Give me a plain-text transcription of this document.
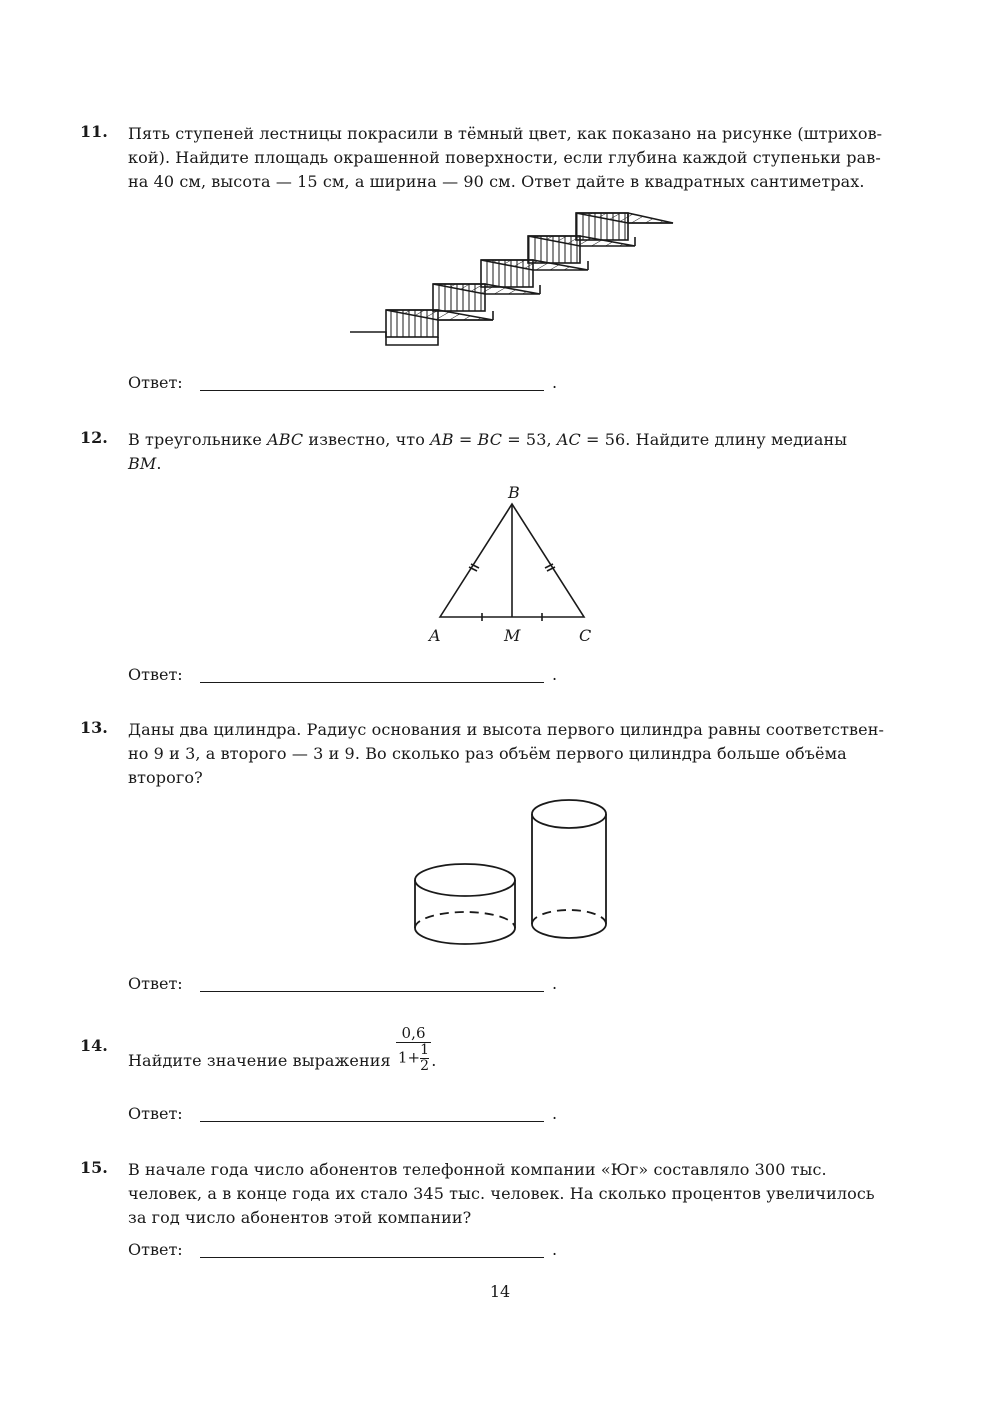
11. Пять ступеней лестницы покрасили в тёмный цвет, как показано на рисунке (штрихов-
кой). Найдите площадь окрашенной поверхности, если глубина каждой ступеньки рав-
на 40 см, высота — 15 см, а ширина — 90 см. Ответ дайте в квадратных сантиметрах.
Ответ:	.
12. В треугольнике ABC известно, что AB = BC = 53, AC = 56. Найдите длину медианы
BM.
B
A	M	C
Ответ:	.
13. Даны два цилиндра. Радиус основания и высота первого цилиндра равны соответствен-
но 9 и 3, а второго — 3 и 9. Во сколько раз объём первого цилиндра больше объёма
второго?
Ответ:	.
14.
Найдите значение выражения $\frac{0,6}{1+ \frac{1}{2}}$ .
Ответ:	.
15. В начале года число абонентов телефонной компании «Юг» составляло 300 тыс.
человек, а в конце года их стало 345 тыс. человек. На сколько процентов увеличилось
за год число абонентов этой компании?
Ответ:	.
14
